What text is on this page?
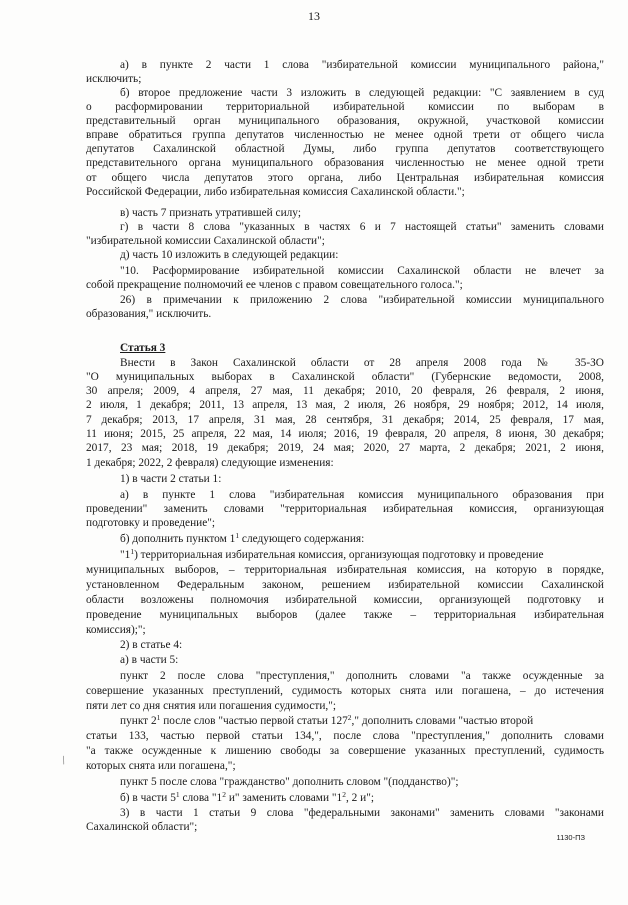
13
а) в пункте 2 части 1 слова "избирательной комиссии муниципального района,"
исключить;
б) второе предложение части 3 изложить в следующей редакции: "С заявлением в суд
о расформировании территориальной избирательной комиссии по выборам в
представительный орган муниципального образования, окружной, участковой комиссии
вправе обратиться группа депутатов численностью не менее одной трети от общего числа
депутатов Сахалинской областной Думы, либо группа депутатов соответствующего
представительного органа муниципального образования численностью не менее одной трети
от общего числа депутатов этого органа, либо Центральная избирательная комиссия
Российской Федерации, либо избирательная комиссия Сахалинской области.";
в) часть 7 признать утратившей силу;
г) в части 8 слова "указанных в частях 6 и 7 настоящей статьи" заменить словами
"избирательной комиссии Сахалинской области";
д) часть 10 изложить в следующей редакции:
"10. Расформирование избирательной комиссии Сахалинской области не влечет за
собой прекращение полномочий ее членов с правом совещательного голоса.";
26) в примечании к приложению 2 слова "избирательной комиссии муниципального
образования," исключить.
Статья 3
Внести в Закон Сахалинской области от 28 апреля 2008 года № 35-ЗО
"О муниципальных выборах в Сахалинской области" (Губернские ведомости, 2008,
30 апреля; 2009, 4 апреля, 27 мая, 11 декабря; 2010, 20 февраля, 26 февраля, 2 июня,
2 июля, 1 декабря; 2011, 13 апреля, 13 мая, 2 июля, 26 ноября, 29 ноября; 2012, 14 июля,
7 декабря; 2013, 17 апреля, 31 мая, 28 сентября, 31 декабря; 2014, 25 февраля, 17 мая,
11 июня; 2015, 25 апреля, 22 мая, 14 июля; 2016, 19 февраля, 20 апреля, 8 июня, 30 декабря;
2017, 23 мая; 2018, 19 декабря; 2019, 24 мая; 2020, 27 марта, 2 декабря; 2021, 2 июня,
1 декабря; 2022, 2 февраля) следующие изменения:
1) в части 2 статьи 1:
а) в пункте 1 слова "избирательная комиссия муниципального образования при
проведении" заменить словами "территориальная избирательная комиссия, организующая
подготовку и проведение";
б) дополнить пунктом $1^1$ следующего содержания:
"$1^1$) территориальная избирательная комиссия, организующая подготовку и проведение
муниципальных выборов, – территориальная избирательная комиссия, на которую в порядке,
установленном Федеральным законом, решением избирательной комиссии Сахалинской
области возложены полномочия избирательной комиссии, организующей подготовку и
проведение муниципальных выборов (далее также – территориальная избирательная
комиссия);";
2) в статье 4:
а) в части 5:
пункт 2 после слова "преступления," дополнить словами "а также осужденные за
совершение указанных преступлений, судимость которых снята или погашена, – до истечения
пяти лет со дня снятия или погашения судимости,";
пункт $2^1$ после слов "частью первой статьи $127^2$," дополнить словами "частью второй
статьи 133, частью первой статьи 134,", после слова "преступления," дополнить словами
"а также осужденные к лишению свободы за совершение указанных преступлений, судимость
которых снята или погашена,";
пункт 5 после слова "гражданство" дополнить словом "(подданство)";
б) в части $5^1$ слова "$1^2$ и" заменить словами "$1^2$, 2 и";
3) в части 1 статьи 9 слова "федеральными законами" заменить словами "законами
Сахалинской области";
1130-ПЗ
/
